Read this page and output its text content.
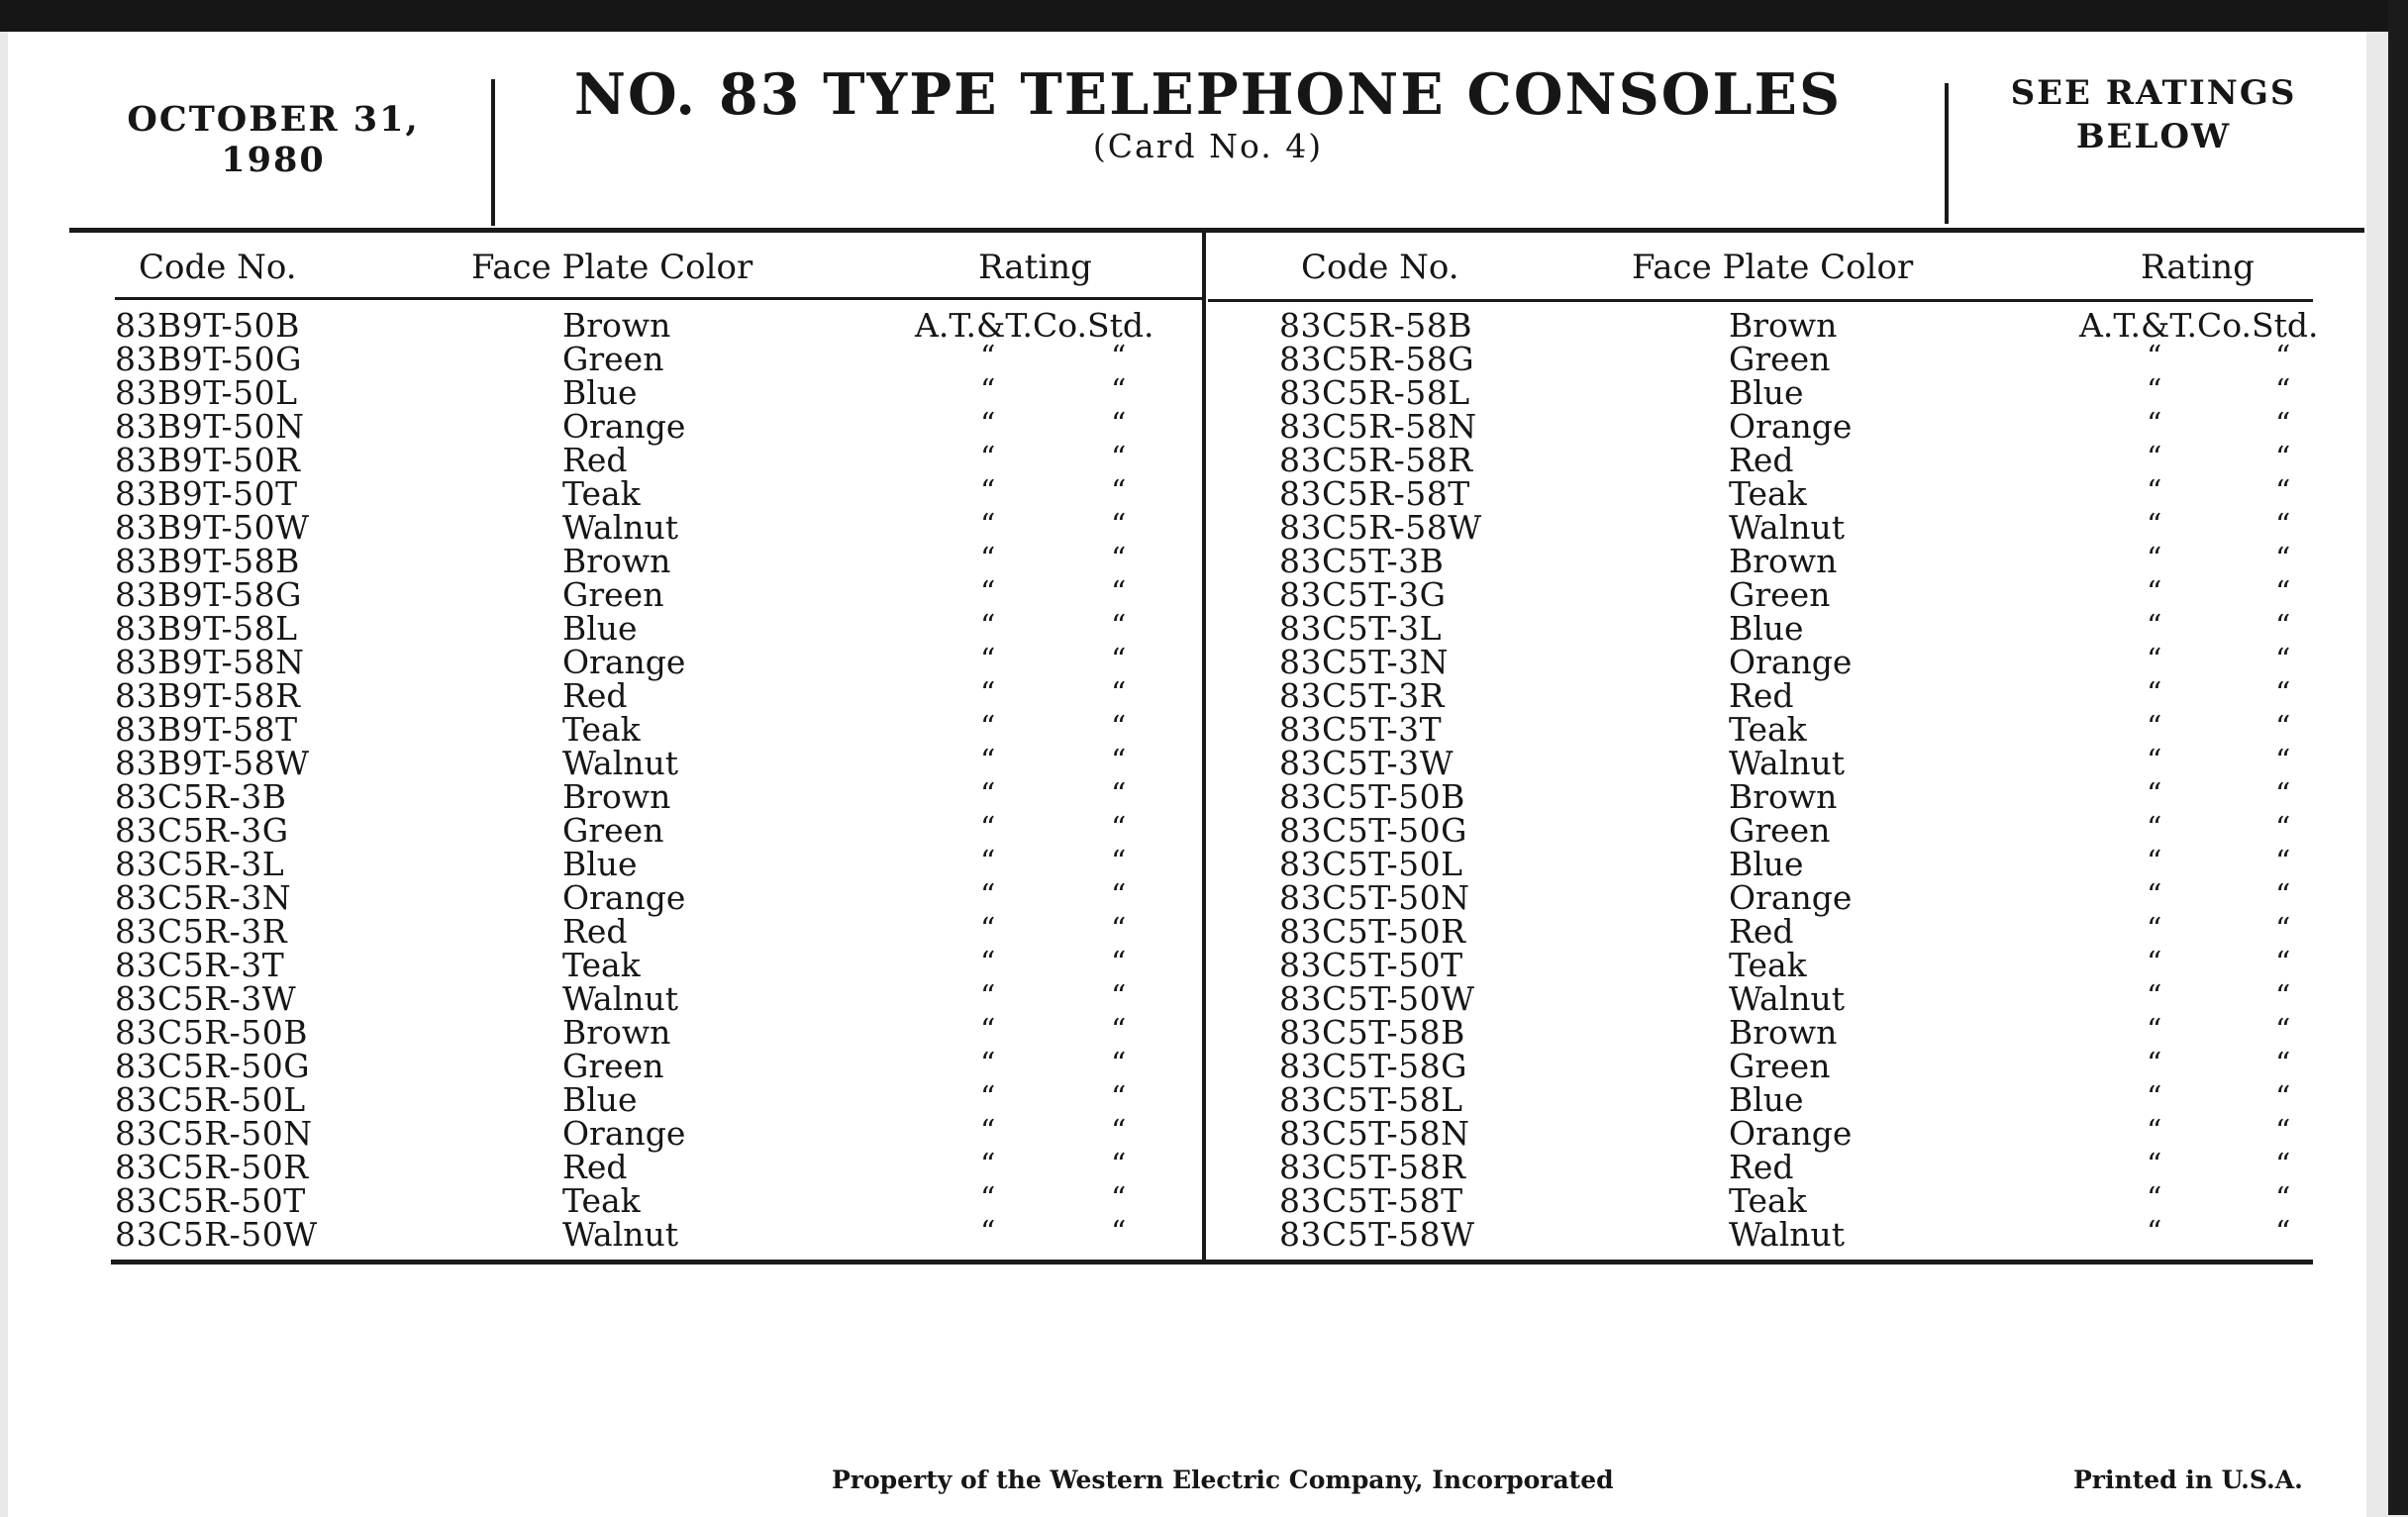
OCTOBER 31, 1980
NO. 83 TYPE TELEPHONE CONSOLES
(Card No. 4)
SEE RATINGS
BELOW
Code No.	Face Plate Color	Rating	Code No.	Face Plate Color	Rating
83B9T-50B	Brown	A.T.&T.Co.Std.
83B9T-50G	Green	“	“
83B9T-50L	Blue	“	“
83B9T-50N	Orange	“	“
83B9T-50R	Red	“	“
83B9T-50T	Teak	“	“
83B9T-50W	Walnut	“	“
83B9T-58B	Brown	“	“
83B9T-58G	Green	“	“
83B9T-58L	Blue	“	“
83B9T-58N	Orange	“	“
83B9T-58R	Red	“	“
83B9T-58T	Teak	“	“
83B9T-58W	Walnut	“	“
83C5R-3B	Brown	“	“
83C5R-3G	Green	“	“
83C5R-3L	Blue	“	“
83C5R-3N	Orange	“	“
83C5R-3R	Red	“	“
83C5R-3T	Teak	“	“
83C5R-3W	Walnut	“	“
83C5R-50B	Brown	“	“
83C5R-50G	Green	“	“
83C5R-50L	Blue	“	“
83C5R-50N	Orange	“	“
83C5R-50R	Red	“	“
83C5R-50T	Teak	“	“
83C5R-50W	Walnut	“	“
83C5R-58B	Brown	A.T.&T.Co.Std.
83C5R-58G	Green	“	“
83C5R-58L	Blue	“	“
83C5R-58N	Orange	“	“
83C5R-58R	Red	“	“
83C5R-58T	Teak	“	“
83C5R-58W	Walnut	“	“
83C5T-3B	Brown	“	“
83C5T-3G	Green	“	“
83C5T-3L	Blue	“	“
83C5T-3N	Orange	“	“
83C5T-3R	Red	“	“
83C5T-3T	Teak	“	“
83C5T-3W	Walnut	“	“
83C5T-50B	Brown	“	“
83C5T-50G	Green	“	“
83C5T-50L	Blue	“	“
83C5T-50N	Orange	“	“
83C5T-50R	Red	“	“
83C5T-50T	Teak	“	“
83C5T-50W	Walnut	“	“
83C5T-58B	Brown	“	“
83C5T-58G	Green	“	“
83C5T-58L	Blue	“	“
83C5T-58N	Orange	“	“
83C5T-58R	Red	“	“
83C5T-58T	Teak	“	“
83C5T-58W	Walnut	“	“
Property of the Western Electric Company, Incorporated	Printed in U.S.A.
